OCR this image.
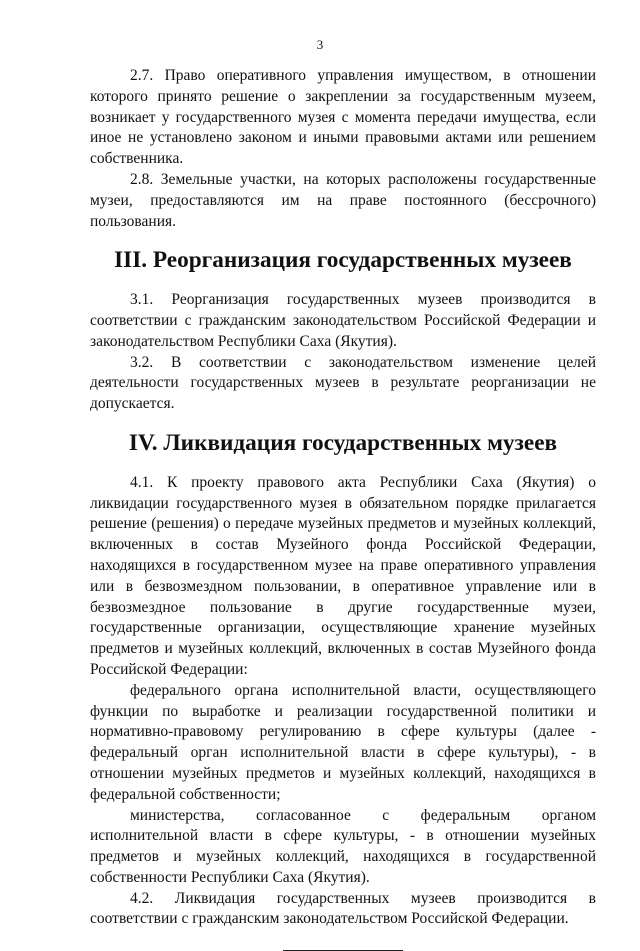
3

2.7. Право оперативного управления имуществом, в отношении которого принято решение о закреплении за государственным музеем, возникает у государственного музея с момента передачи имущества, если иное не установлено законом и иными правовыми актами или решением собственника.

2.8. Земельные участки, на которых расположены государственные музеи, предоставляются им на праве постоянного (бессрочного) пользования.

III. Реорганизация государственных музеев

3.1. Реорганизация государственных музеев производится в соответствии с гражданским законодательством Российской Федерации и законодательством Республики Саха (Якутия).

3.2. В соответствии с законодательством изменение целей деятельности государственных музеев в результате реорганизации не допускается.

IV. Ликвидация государственных музеев

4.1. К проекту правового акта Республики Саха (Якутия) о ликвидации государственного музея в обязательном порядке прилагается решение (решения) о передаче музейных предметов и музейных коллекций, включенных в состав Музейного фонда Российской Федерации, находящихся в государственном музее на праве оперативного управления или в безвозмездном пользовании, в оперативное управление или в безвозмездное пользование в другие государственные музеи, государственные организации, осуществляющие хранение музейных предметов и музейных коллекций, включенных в состав Музейного фонда Российской Федерации:

федерального органа исполнительной власти, осуществляющего функции по выработке и реализации государственной политики и нормативно-правовому регулированию в сфере культуры (далее - федеральный орган исполнительной власти в сфере культуры), - в отношении музейных предметов и музейных коллекций, находящихся в федеральной собственности;

министерства, согласованное с федеральным органом исполнительной власти в сфере культуры, - в отношении музейных предметов и музейных коллекций, находящихся в государственной собственности Республики Саха (Якутия).

4.2. Ликвидация государственных музеев производится в соответствии с гражданским законодательством Российской Федерации.
